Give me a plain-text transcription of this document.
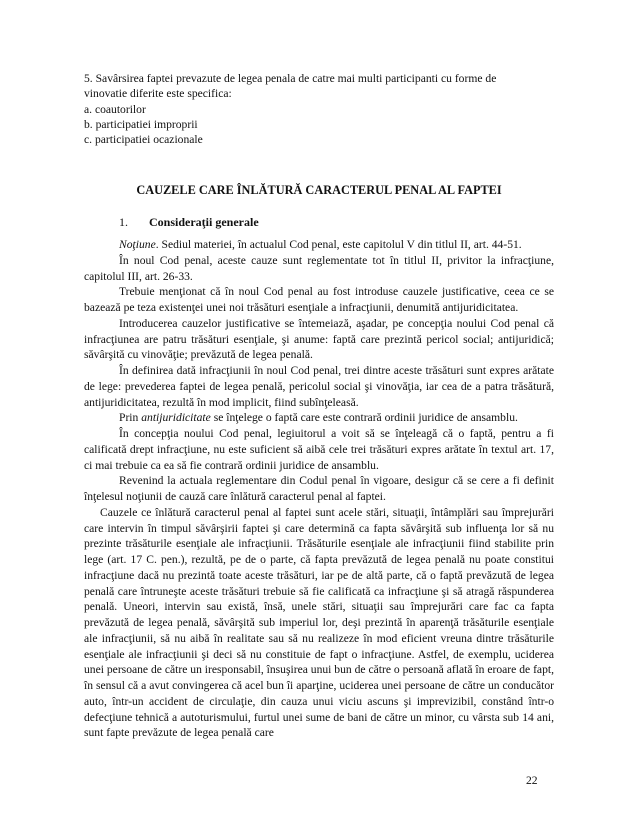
5. Savârsirea faptei prevazute de legea penala de catre mai multi participanti cu forme de
vinovatie diferite este specifica:
a. coautorilor
b. participatiei improprii
c. participatiei ocazionale
CAUZELE CARE ÎNLĂTURĂ CARACTERUL PENAL AL FAPTEI
1. Consideraţii generale

Noţiune. Sediul materiei, în actualul Cod penal, este capitolul V din titlul II, art. 44-51.

În noul Cod penal, aceste cauze sunt reglementate tot în titlul II, privitor la infracţiune, capitolul III, art. 26-33.

Trebuie menţionat că în noul Cod penal au fost introduse cauzele justificative, ceea ce se bazează pe teza existenţei unei noi trăsături esenţiale a infracţiunii, denumită antijuridicitatea.

Introducerea cauzelor justificative se întemeiază, aşadar, pe concepţia noului Cod penal că infracţiunea are patru trăsături esenţiale, şi anume: faptă care prezintă pericol social; antijuridică; săvârşită cu vinovăţie; prevăzută de legea penală.

În definirea dată infracţiunii în noul Cod penal, trei dintre aceste trăsături sunt expres arătate de lege: prevederea faptei de legea penală, pericolul social şi vinovăţia, iar cea de a patra trăsătură, antijuridicitatea, rezultă în mod implicit, fiind subînţeleasă.

Prin antijuridicitate se înţelege o faptă care este contrară ordinii juridice de ansamblu.

În concepţia noului Cod penal, legiuitorul a voit să se înţeleagă că o faptă, pentru a fi calificată drept infracţiune, nu este suficient să aibă cele trei trăsături expres arătate în textul art. 17, ci mai trebuie ca ea să fie contrară ordinii juridice de ansamblu.

Revenind la actuala reglementare din Codul penal în vigoare, desigur că se cere a fi definit înţelesul noţiunii de cauză care înlătură caracterul penal al faptei.

Cauzele ce înlătură caracterul penal al faptei sunt acele stări, situaţii, întâmplări sau împrejurări care intervin în timpul săvârşirii faptei şi care determină ca fapta săvârşită sub influenţa lor să nu prezinte trăsăturile esenţiale ale infracţiunii. Trăsăturile esenţiale ale infracţiunii fiind stabilite prin lege (art. 17 C. pen.), rezultă, pe de o parte, că fapta prevăzută de legea penală nu poate constitui infracţiune dacă nu prezintă toate aceste trăsături, iar pe de altă parte, că o faptă prevăzută de legea penală care întruneşte aceste trăsături trebuie să fie calificată ca infracţiune şi să atragă răspunderea penală. Uneori, intervin sau există, însă, unele stări, situaţii sau împrejurări care fac ca fapta prevăzută de legea penală, săvârşită sub imperiul lor, deşi prezintă în aparenţă trăsăturile esenţiale ale infracţiunii, să nu aibă în realitate sau să nu realizeze în mod eficient vreuna dintre trăsăturile esenţiale ale infracţiunii şi deci să nu constituie de fapt o infracţiune. Astfel, de exemplu, uciderea unei persoane de către un iresponsabil, însuşirea unui bun de către o persoană aflată în eroare de fapt, în sensul că a avut convingerea că acel bun îi aparţine, uciderea unei persoane de către un conducător auto, într-un accident de circulaţie, din cauza unui viciu ascuns şi imprevizibil, constând într-o defecţiune tehnică a autoturismului, furtul unei sume de bani de către un minor, cu vârsta sub 14 ani, sunt fapte prevăzute de legea penală care

22
